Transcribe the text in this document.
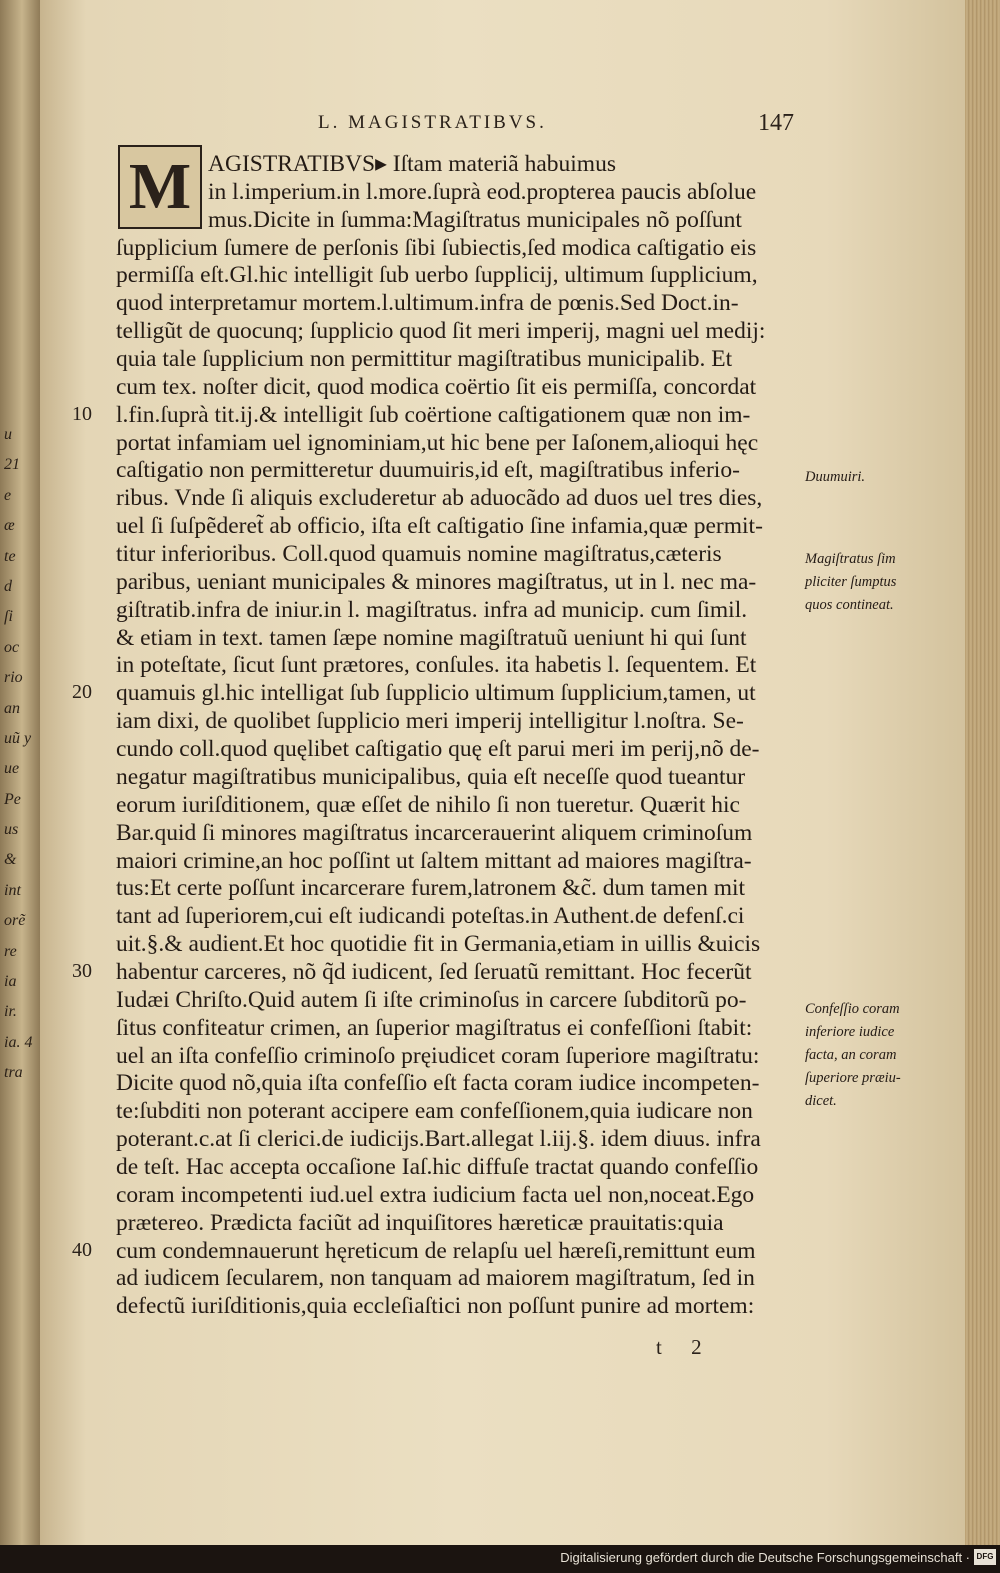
u
21
e
æ
te
d
ſi
oc
rio
an
uũ y
ue
Pe
us
&
int
orẽ
re
ia
ir.
ia. 4
tra
L. MAGISTRATIBVS.	147
M AGISTRATIBVS▸ Iſtam materiã habuimus
in l.imperium.in l.more.ſuprà eod.propterea paucis abſolue
mus.Dicite in ſumma:Magiſtratus municipales nõ poſſunt
ſupplicium ſumere de perſonis ſibi ſubiectis,ſed modica caſtigatio eis
permiſſa eſt.Gl.hic intelligit ſub uerbo ſupplicij, ultimum ſupplicium,
quod interpretamur mortem.l.ultimum.infra de pœnis.Sed Doct.in-
telligũt de quocunq; ſupplicio quod ſit meri imperij, magni uel medij:
quia tale ſupplicium non permittitur magiſtratibus municipalib. Et
cum tex. noſter dicit, quod modica coërtio ſit eis permiſſa, concordat
l.fin.ſuprà tit.ij.& intelligit ſub coërtione caſtigationem quæ non im-
portat infamiam uel ignominiam,ut hic bene per Iaſonem,alioqui hęc
caſtigatio non permitteretur duumuiris,id eſt, magiſtratibus inferio-
ribus. Vnde ſi aliquis excluderetur ab aduocãdo ad duos uel tres dies,
uel ſi ſuſpẽderet̃ ab officio, iſta eſt caſtigatio ſine infamia,quæ permit-
titur inferioribus. Coll.quod quamuis nomine magiſtratus,cæteris
paribus, ueniant municipales & minores magiſtratus, ut in l. nec ma-
giſtratib.infra de iniur.in l. magiſtratus. infra ad municip. cum ſimil.
& etiam in text. tamen ſæpe nomine magiſtratuũ ueniunt hi qui ſunt
in poteſtate, ſicut ſunt prætores, conſules. ita habetis l. ſequentem. Et
quamuis gl.hic intelligat ſub ſupplicio ultimum ſupplicium,tamen, ut
iam dixi, de quolibet ſupplicio meri imperij intelligitur l.noſtra. Se-
cundo coll.quod quęlibet caſtigatio quę eſt parui meri im perij,nõ de-
negatur magiſtratibus municipalibus, quia eſt neceſſe quod tueantur
eorum iuriſditionem, quæ eſſet de nihilo ſi non tueretur. Quærit hic
Bar.quid ſi minores magiſtratus incarcerauerint aliquem criminoſum
maiori crimine,an hoc poſſint ut ſaltem mittant ad maiores magiſtra-
tus:Et certe poſſunt incarcerare furem,latronem &c̃. dum tamen mit
tant ad ſuperiorem,cui eſt iudicandi poteſtas.in Authent.de defenſ.ci
uit.§.& audient.Et hoc quotidie fit in Germania,etiam in uillis &uicis
habentur carceres, nõ q̃d iudicent, ſed ſeruatũ remittant. Hoc fecerũt
Iudæi Chriſto.Quid autem ſi iſte criminoſus in carcere ſubditorũ po-
ſitus confiteatur crimen, an ſuperior magiſtratus ei confeſſioni ſtabit:
uel an iſta confeſſio criminoſo pręiudicet coram ſuperiore magiſtratu:
Dicite quod nõ,quia iſta confeſſio eſt facta coram iudice incompeten-
te:ſubditi non poterant accipere eam confeſſionem,quia iudicare non
poterant.c.at ſi clerici.de iudicijs.Bart.allegat l.iij.§. idem diuus. infra
de teſt. Hac accepta occaſione Iaſ.hic diffuſe tractat quando confeſſio
coram incompetenti iud.uel extra iudicium facta uel non,noceat.Ego
prætereo. Prædicta faciũt ad inquiſitores hæreticæ prauitatis:quia
cum condemnauerunt hęreticum de relapſu uel hæreſi,remittunt eum
ad iudicem ſecularem, non tanquam ad maiorem magiſtratum, ſed in
defectũ iuriſditionis,quia eccleſiaſtici non poſſunt punire ad mortem:
10
20
30
40
Duumuiri.
Magiſtratus ſim
pliciter ſumptus
quos contineat.
Confeſſio coram
inferiore iudice
facta, an coram
ſuperiore præiu-
dicet.
t 2
Digitalisierung gefördert durch die Deutsche Forschungsgemeinschaft · DFG
